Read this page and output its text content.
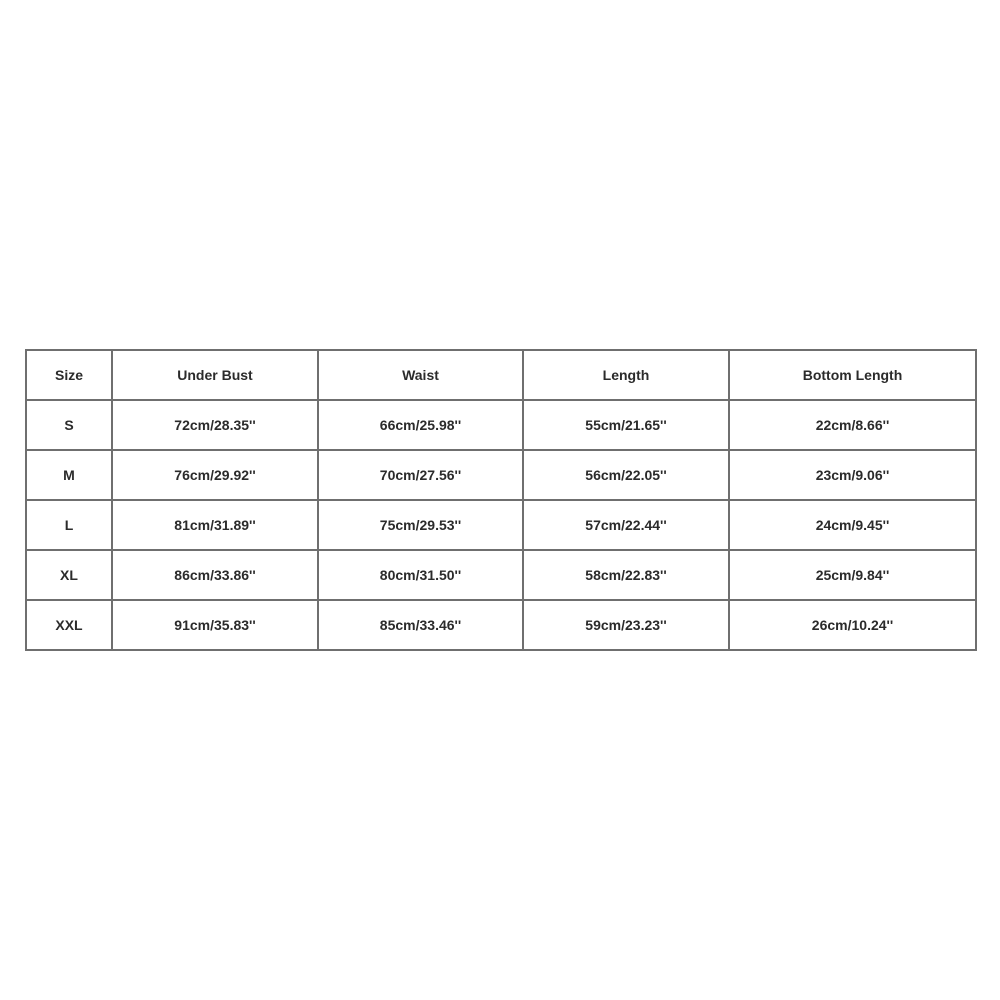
Size	Under Bust	Waist	Length	Bottom Length
S	72cm/28.35''	66cm/25.98''	55cm/21.65''	22cm/8.66''
M	76cm/29.92''	70cm/27.56''	56cm/22.05''	23cm/9.06''
L	81cm/31.89''	75cm/29.53''	57cm/22.44''	24cm/9.45''
XL	86cm/33.86''	80cm/31.50''	58cm/22.83''	25cm/9.84''
XXL	91cm/35.83''	85cm/33.46''	59cm/23.23''	26cm/10.24''
